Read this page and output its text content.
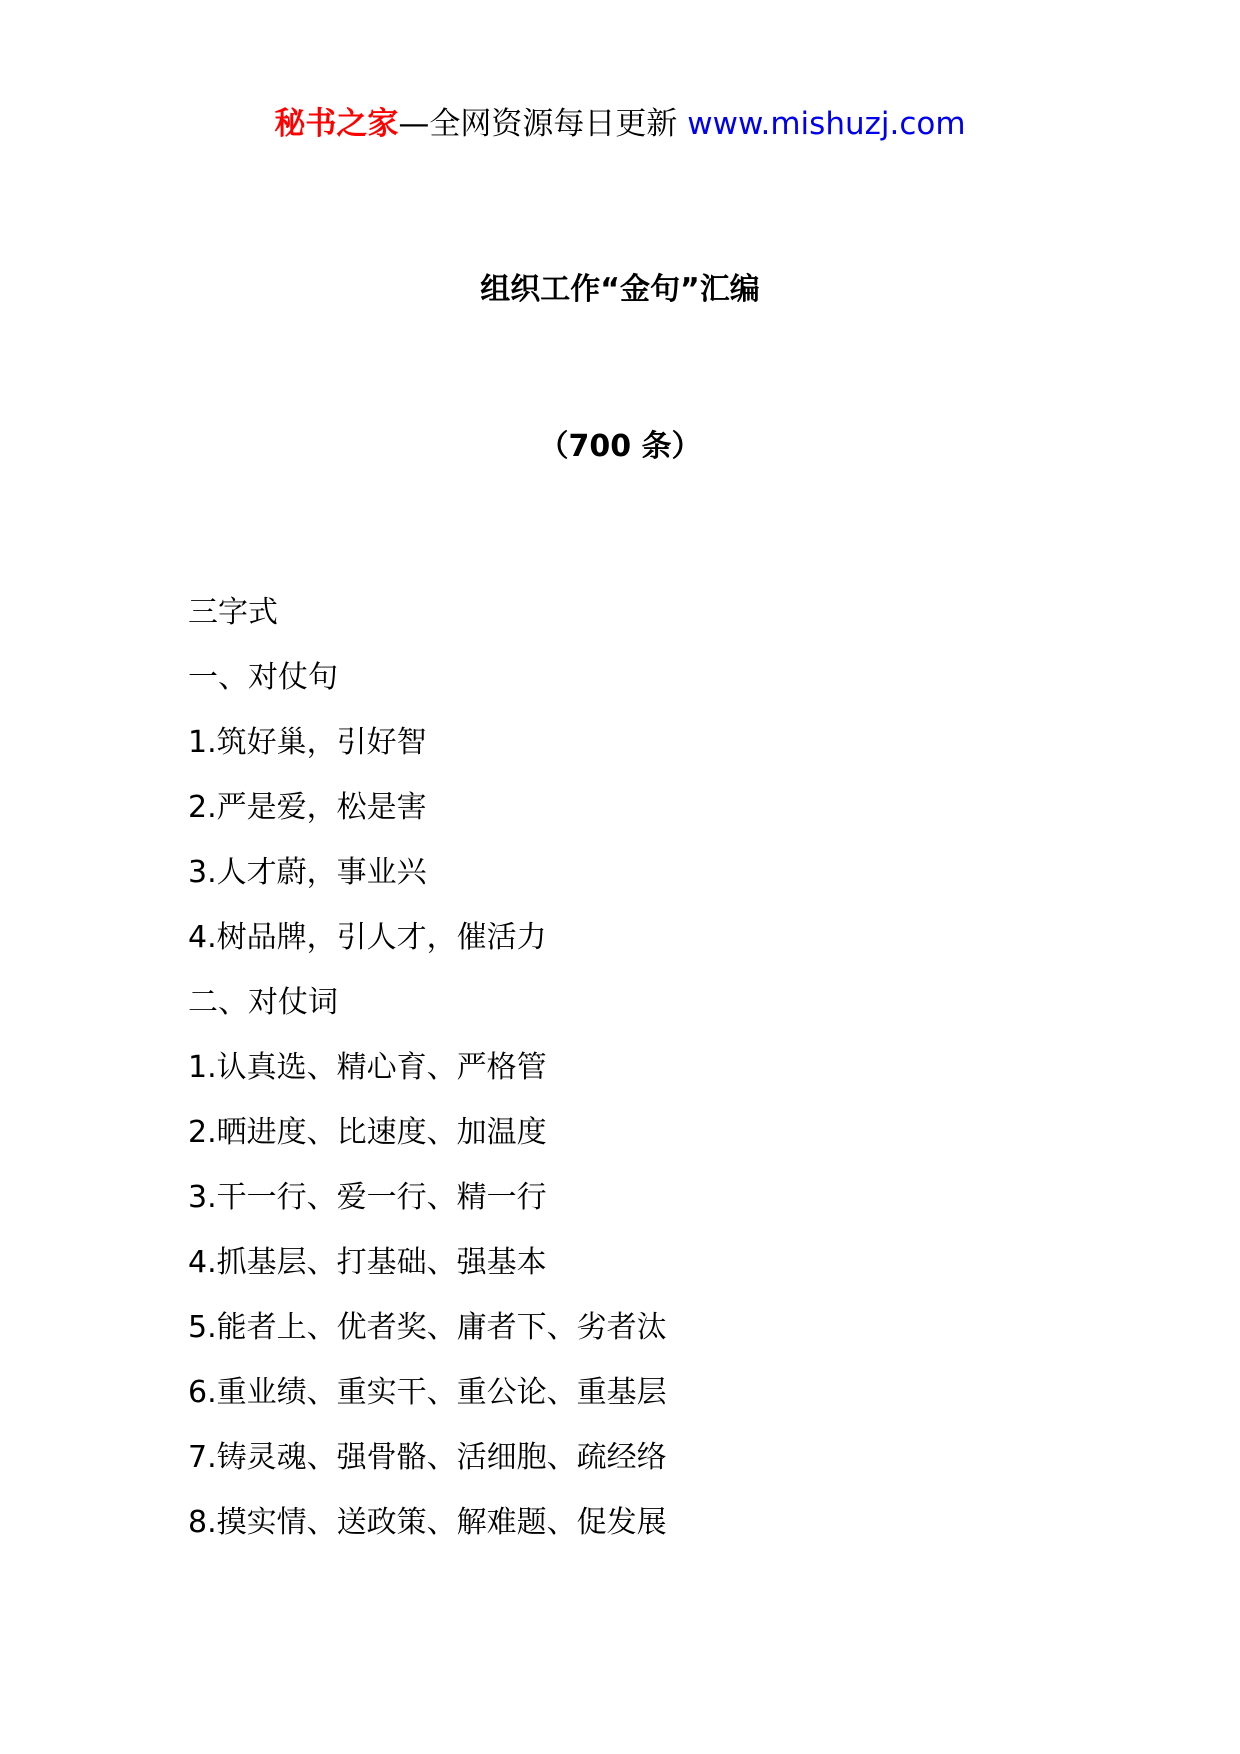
秘书之家—全网资源每日更新 www.mishuzj.com
组织工作“金句”汇编
（700 条）
三字式
一、对仗句
1.筑好巢，引好智
2.严是爱，松是害
3.人才蔚，事业兴
4.树品牌，引人才，催活力
二、对仗词
1.认真选、精心育、严格管
2.晒进度、比速度、加温度
3.干一行、爱一行、精一行
4.抓基层、打基础、强基本
5.能者上、优者奖、庸者下、劣者汰
6.重业绩、重实干、重公论、重基层
7.铸灵魂、强骨骼、活细胞、疏经络
8.摸实情、送政策、解难题、促发展
